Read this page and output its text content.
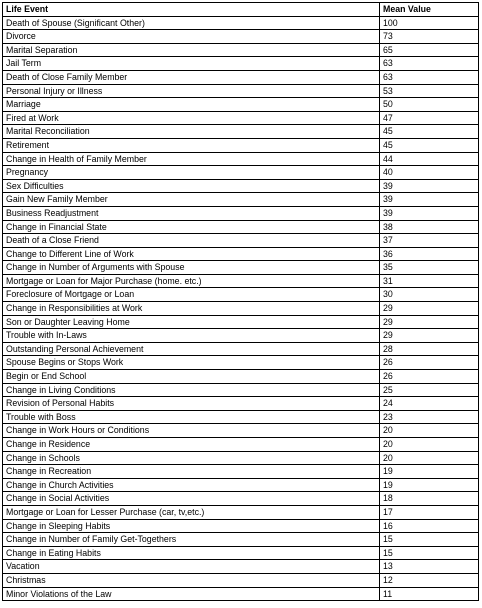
Life Event	Mean Value
Death of Spouse (Significant Other)	100
Divorce	73
Marital Separation	65
Jail Term	63
Death of Close Family Member	63
Personal Injury or Illness	53
Marriage	50
Fired at Work	47
Marital Reconciliation	45
Retirement	45
Change in Health of Family Member	44
Pregnancy	40
Sex Difficulties	39
Gain New Family Member	39
Business Readjustment	39
Change in Financial State	38
Death of a Close Friend	37
Change to Different Line of Work	36
Change in Number of Arguments with Spouse	35
Mortgage or Loan for Major Purchase (home. etc.)	31
Foreclosure of Mortgage or Loan	30
Change in Responsibilities at Work	29
Son or Daughter Leaving Home	29
Trouble with In-Laws	29
Outstanding Personal Achievement	28
Spouse Begins or Stops Work	26
Begin or End School	26
Change in Living Conditions	25
Revision of Personal Habits	24
Trouble with Boss	23
Change in Work Hours or Conditions	20
Change in Residence	20
Change in Schools	20
Change in Recreation	19
Change in Church Activities	19
Change in Social Activities	18
Mortgage or Loan for Lesser Purchase (car, tv,etc.)	17
Change in Sleeping Habits	16
Change in Number of Family Get-Togethers	15
Change in Eating Habits	15
Vacation	13
Christmas	12
Minor Violations of the Law	11
